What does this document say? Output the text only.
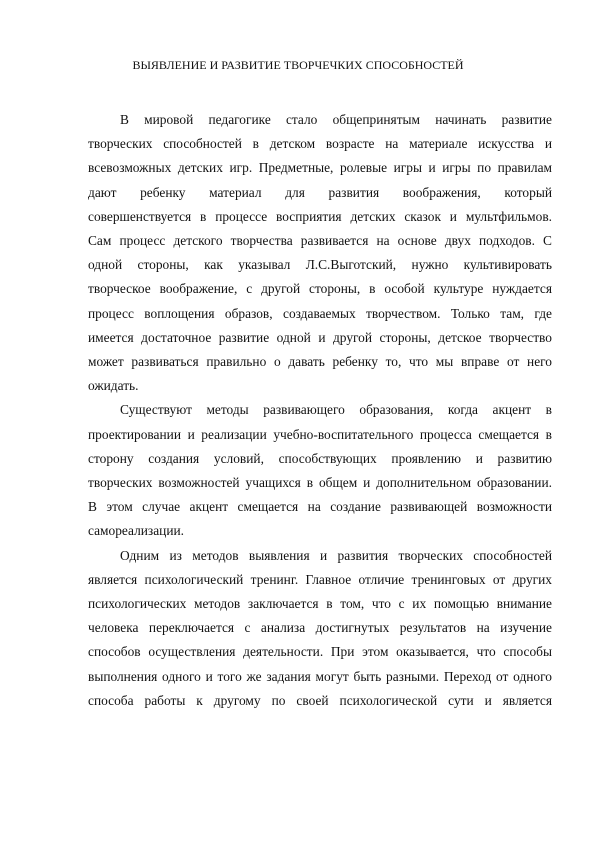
ВЫЯВЛЕНИЕ И РАЗВИТИЕ ТВОРЧЕЧКИХ СПОСОБНОСТЕЙ

В мировой педагогике стало общепринятым начинать развитие
творческих способностей в детском возрасте на материале искусства и
всевозможных детских игр. Предметные, ролевые игры и игры по правилам
дают ребенку материал для развития воображения, который
совершенствуется в процессе восприятия детских сказок и мультфильмов.
Сам процесс детского творчества развивается на основе двух подходов. С
одной стороны, как указывал Л.С.Выготский, нужно культивировать
творческое воображение, с другой стороны, в особой культуре нуждается
процесс воплощения образов, создаваемых творчеством. Только там, где
имеется достаточное развитие одной и другой стороны, детское творчество
может развиваться правильно о давать ребенку то, что мы вправе от него
ожидать.

Существуют методы развивающего образования, когда акцент в
проектировании и реализации учебно-воспитательного процесса смещается в
сторону создания условий, способствующих проявлению и развитию
творческих возможностей учащихся в общем и дополнительном образовании.
В этом случае акцент смещается на создание развивающей возможности
самореализации.

Одним из методов выявления и развития творческих способностей
является психологический тренинг. Главное отличие тренинговых от других
психологических методов заключается в том, что с их помощью внимание
человека переключается с анализа достигнутых результатов на изучение
способов осуществления деятельности. При этом оказывается, что способы
выполнения одного и того же задания могут быть разными. Переход от одного
способа работы к другому по своей психологической сути и является
